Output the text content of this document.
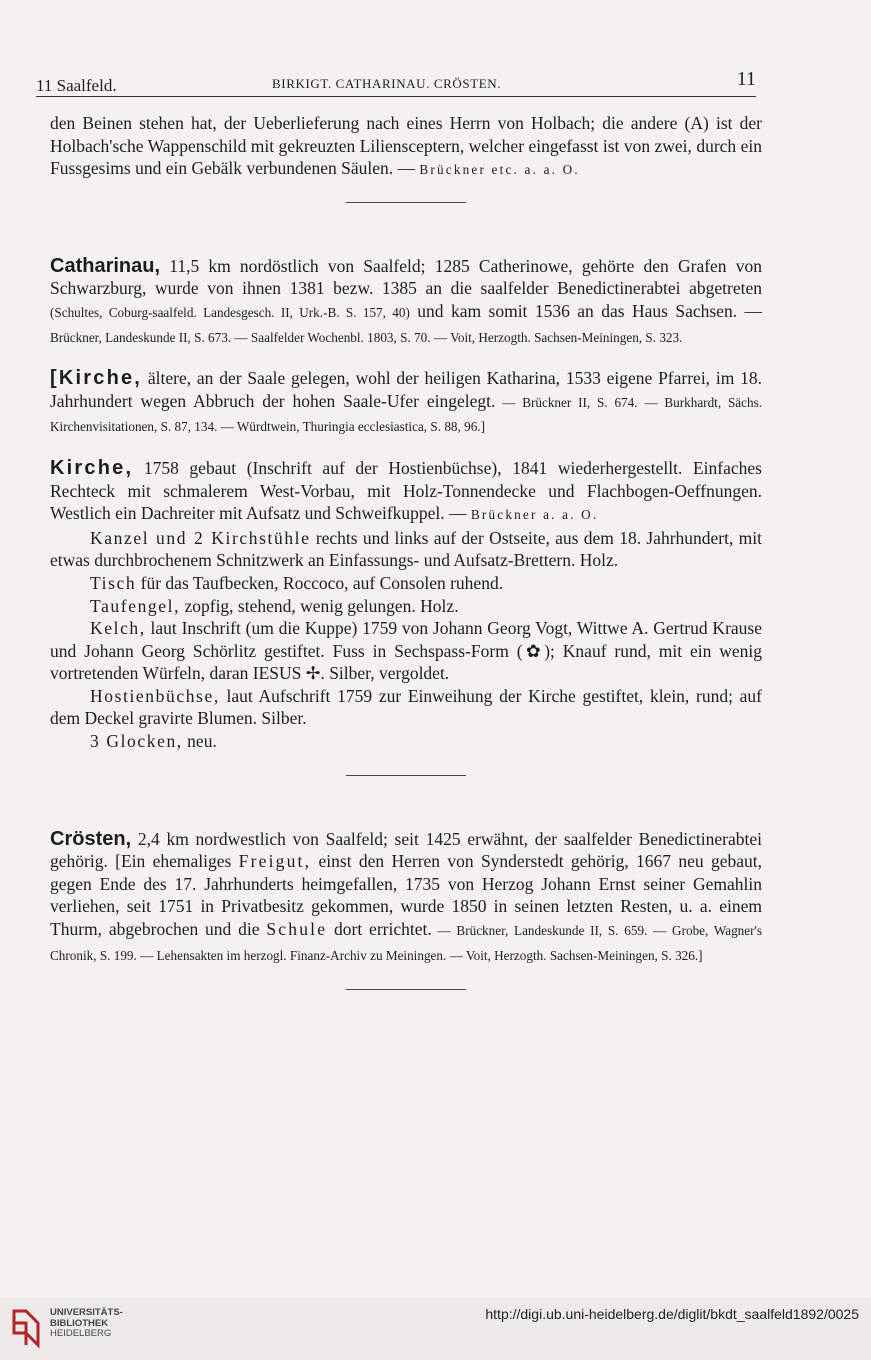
11 Saalfeld.	BIRKIGT. CATHARINAU. CRÖSTEN.	11

den Beinen stehen hat, der Ueberlieferung nach eines Herrn von Holbach; die andere (A) ist der Holbach'sche Wappenschild mit gekreuzten Liliensceptern, welcher eingefasst ist von zwei, durch ein Fussgesims und ein Gebälk verbundenen Säulen. — Brückner etc. a. a. O.

Catharinau, 11,5 km nordöstlich von Saalfeld; 1285 Catherinowe, gehörte den Grafen von Schwarzburg, wurde von ihnen 1381 bezw. 1385 an die saalfelder Benedictinerabtei abgetreten (Schultes, Coburg-saalfeld. Landesgesch. II, Urk.-B. S. 157, 40) und kam somit 1536 an das Haus Sachsen. — Brückner, Landeskunde II, S. 673. — Saalfelder Wochenbl. 1803, S. 70. — Voit, Herzogth. Sachsen-Meiningen, S. 323.

[Kirche, ältere, an der Saale gelegen, wohl der heiligen Katharina, 1533 eigene Pfarrei, im 18. Jahrhundert wegen Abbruch der hohen Saale-Ufer eingelegt. — Brückner II, S. 674. — Burkhardt, Sächs. Kirchenvisitationen, S. 87, 134. — Würdtwein, Thuringia ecclesiastica, S. 88, 96.]

Kirche, 1758 gebaut (Inschrift auf der Hostienbüchse), 1841 wiederhergestellt. Einfaches Rechteck mit schmalerem West-Vorbau, mit Holz-Tonnendecke und Flachbogen-Oeffnungen. Westlich ein Dachreiter mit Aufsatz und Schweifkuppel. — Brückner a. a. O.

Kanzel und 2 Kirchstühle rechts und links auf der Ostseite, aus dem 18. Jahrhundert, mit etwas durchbrochenem Schnitzwerk an Einfassungs- und Aufsatz-Brettern. Holz.

Tisch für das Taufbecken, Roccoco, auf Consolen ruhend.

Taufengel, zopfig, stehend, wenig gelungen. Holz.

Kelch, laut Inschrift (um die Kuppe) 1759 von Johann Georg Vogt, Wittwe A. Gertrud Krause und Johann Georg Schörlitz gestiftet. Fuss in Sechspass-Form (✿); Knauf rund, mit ein wenig vortretenden Würfeln, daran IESUS ✢. Silber, vergoldet.

Hostienbüchse, laut Aufschrift 1759 zur Einweihung der Kirche gestiftet, klein, rund; auf dem Deckel gravirte Blumen. Silber.

3 Glocken, neu.

Crösten, 2,4 km nordwestlich von Saalfeld; seit 1425 erwähnt, der saalfelder Benedictinerabtei gehörig. [Ein ehemaliges Freigut, einst den Herren von Synderstedt gehörig, 1667 neu gebaut, gegen Ende des 17. Jahrhunderts heimgefallen, 1735 von Herzog Johann Ernst seiner Gemahlin verliehen, seit 1751 in Privatbesitz gekommen, wurde 1850 in seinen letzten Resten, u. a. einem Thurm, abgebrochen und die Schule dort errichtet. — Brückner, Landeskunde II, S. 659. — Grobe, Wagner's Chronik, S. 199. — Lehensakten im herzogl. Finanz-Archiv zu Meiningen. — Voit, Herzogth. Sachsen-Meiningen, S. 326.]

UNIVERSITÄTS-
BIBLIOTHEK
HEIDELBERG
http://digi.ub.uni-heidelberg.de/diglit/bkdt_saalfeld1892/0025
